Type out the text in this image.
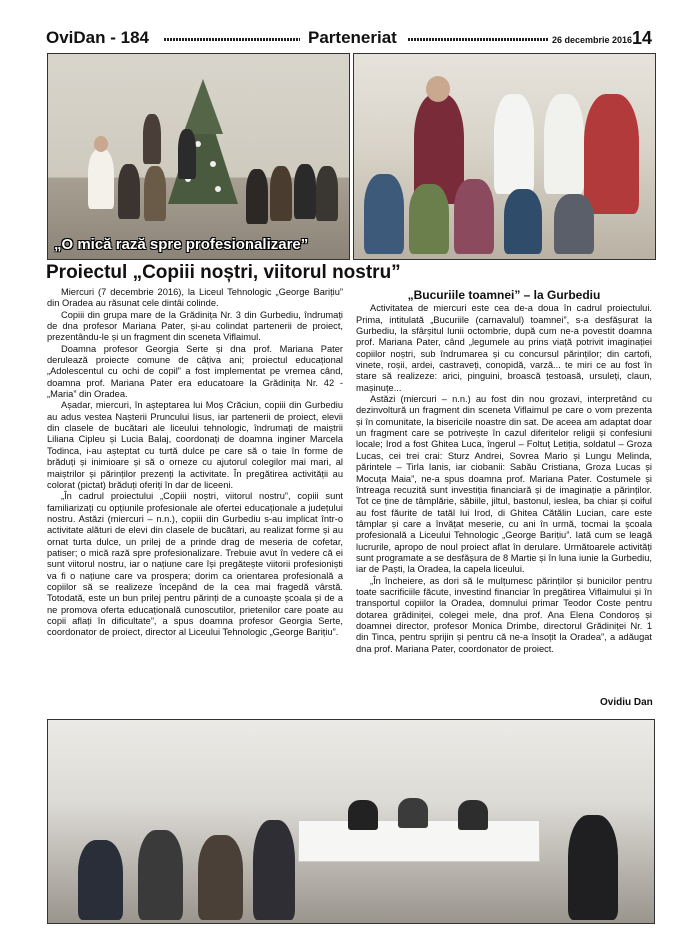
OviDan - 184	Parteneriat	26 decembrie 2016 14
„O mică rază spre profesionalizare”
Proiectul „Copiii noștri, viitorul nostru”

Miercuri (7 decembrie 2016), la Liceul Tehnologic „George Barițiu” din Oradea au răsunat cele dintâi colinde.

Copiii din grupa mare de la Grădinița Nr. 3 din Gurbediu, îndrumați de dna profesor Mariana Pater, și-au colindat partenerii de proiect, prezentându-le și un fragment din sceneta Viflaimul.

Doamna profesor Georgia Serte și dna prof. Mariana Pater derulează proiecte comune de câțiva ani; proiectul educațional „Adolescentul cu ochi de copil” a fost implementat pe vremea când, doamna prof. Mariana Pater era educatoare la Grădinița Nr. 42 - „Maria” din Oradea.

Așadar, miercuri, în așteptarea lui Moș Crăciun, copiii din Gurbediu au adus vestea Nașterii Pruncului Iisus, iar partenerii de proiect, elevii din clasele de bucătari ale liceului tehnologic, îndrumați de maiștrii Liliana Cipleu și Lucia Balaj, coordonați de doamna inginer Marcela Todinca, i-au așteptat cu turtă dulce pe care să o taie în forme de brăduți și inimioare și să o orneze cu ajutorul colegilor mai mari, al maiștrilor și părinților prezenți la activitate. În pregătirea activității au colorat (pictat) brăduți oferiți în dar de liceeni.

„În cadrul proiectului „Copiii noștri, viitorul nostru”, copiii sunt familiarizați cu opțiunile profesionale ale ofertei educaționale a județului nostru. Astăzi (miercuri – n.n.), copiii din Gurbediu s-au implicat într-o activitate alături de elevi din clasele de bucătari, au realizat forme și au ornat turta dulce, un prilej de a prinde drag de meseria de cofetar, patiser; o mică rază spre profesionalizare. Trebuie avut în vedere că ei sunt viitorul nostru, iar o națiune care își pregătește viitorii profesioniști va fi o națiune care va prospera; dorim ca orientarea profesională a copiilor să se realizeze începând de la cea mai fragedă vârstă. Totodată, este un bun prilej pentru părinți de a cunoaște școala și de a ne promova oferta educațională cunoscutilor, prietenilor care poate au copii aflați în dificultate”, a spus doamna profesor Georgia Serte, coordonator de proiect, director al Liceului Tehnologic „George Barițiu”.

„Bucuriile toamnei” – la Gurbediu

Activitatea de miercuri este cea de-a doua în cadrul proiectului. Prima, intitulată „Bucuriile (carnavalul) toamnei”, s-a desfășurat la Gurbediu, la sfârșitul lunii octombrie, după cum ne-a povestit doamna prof. Mariana Pater, când „legumele au prins viață potrivit imaginației copiilor noștri, sub îndrumarea și cu concursul părinților; din cartofi, vinete, roșii, ardei, castraveți, conopidă, varză... te miri ce au fost în stare să realizeze: arici, pinguini, broască țestoasă, ursuleți, claun, mașinuțe...

Astăzi (miercuri – n.n.) au fost din nou grozavi, interpretând cu dezinvoltură un fragment din sceneta Viflaimul pe care o vom prezenta și în comunitate, la bisericile noastre din sat. De aceea am adaptat doar un fragment care se potrivește în cazul diferitelor religii și confesiuni locale; Irod a fost Ghitea Luca, îngerul – Foltuț Letiția, soldatul – Groza Lucas, cei trei crai: Sturz Andrei, Sovrea Mario și Lungu Melinda, părintele – Tirla Ianis, iar ciobanii: Sabău Cristiana, Groza Lucas și Mocuța Maia”, ne-a spus doamna prof. Mariana Pater. Costumele și întreaga recuzită sunt investiția financiară și de imaginație a părinților. Tot ce ține de tâmplărie, săbiile, jiltul, bastonul, ieslea, ba chiar și coiful au fost făurite de tatăl lui Irod, di Ghitea Cătălin Lucian, care este tâmplar și care a învățat meserie, cu ani în urmă, tocmai la școala profesională a Liceului Tehnologic „George Barițiu”. Iată cum se leagă lucrurile, apropo de noul proiect aflat în derulare. Următoarele activități sunt programate a se desfășura de 8 Martie și în luna iunie la Gurbediu, iar de Paști, la Oradea, la capela liceului.

„În încheiere, as dori să le mulțumesc părinților și bunicilor pentru toate sacrificiile făcute, investind financiar în pregătirea Viflaimului și în transportul copiilor la Oradea, domnului primar Teodor Coste pentru dotarea grădiniței, colegei mele, dna prof. Ana Elena Condoroș și doamnei director, profesor Monica Drimbe, directorul Grădiniței Nr. 1 din Tinca, pentru sprijin și pentru că ne-a însoțit la Oradea”, a adăugat dna prof. Mariana Pater, coordonator de proiect.

Ovidiu Dan
